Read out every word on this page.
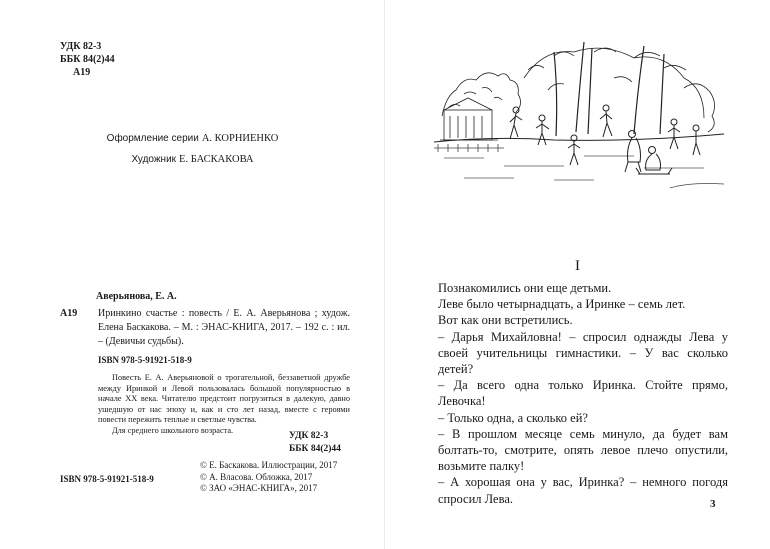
УДК 82-3
ББК 84(2)44
А19
Оформление серии А. КОРНИЕНКО
Художник Е. БАСКАКОВА
Аверьянова, Е. А.
А19	Иринкино счастье : повесть / Е. А. Аверьянова ; худож. Елена Баскакова. – М. : ЭНАС-КНИГА, 2017. – 192 с. : ил. – (Девичьи судьбы).
ISBN 978-5-91921-518-9
Повесть Е. А. Аверьяновой о трогательной, беззаветной дружбе между Иринкой и Левой пользовалась большой популярностью в начале ХХ века. Читателю предстоит погрузиться в далекую, давно ушедшую от нас эпоху и, как и сто лет назад, вместе с героями повести пережить теплые и светлые чувства.
Для среднего школьного возраста.
УДК 82-3
ББК 84(2)44
© Е. Баскакова. Иллюстрации, 2017
© А. Власова. Обложка, 2017
© ЗАО «ЭНАС-КНИГА», 2017
ISBN 978-5-91921-518-9
I

Познакомились они еще детьми.

Леве было четырнадцать, а Иринке – семь лет.

Вот как они встретились.

– Дарья Михайловна! – спросил однажды Лева у своей учительницы гимнастики. – У вас сколько детей?

– Да всего одна только Иринка. Стойте прямо, Левочка!

– Только одна, а сколько ей?

– В прошлом месяце семь минуло, да будет вам болтать-то, смотрите, опять левое плечо опустили, возьмите палку!

– А хорошая она у вас, Иринка? – немного погодя спросил Лева.	3
